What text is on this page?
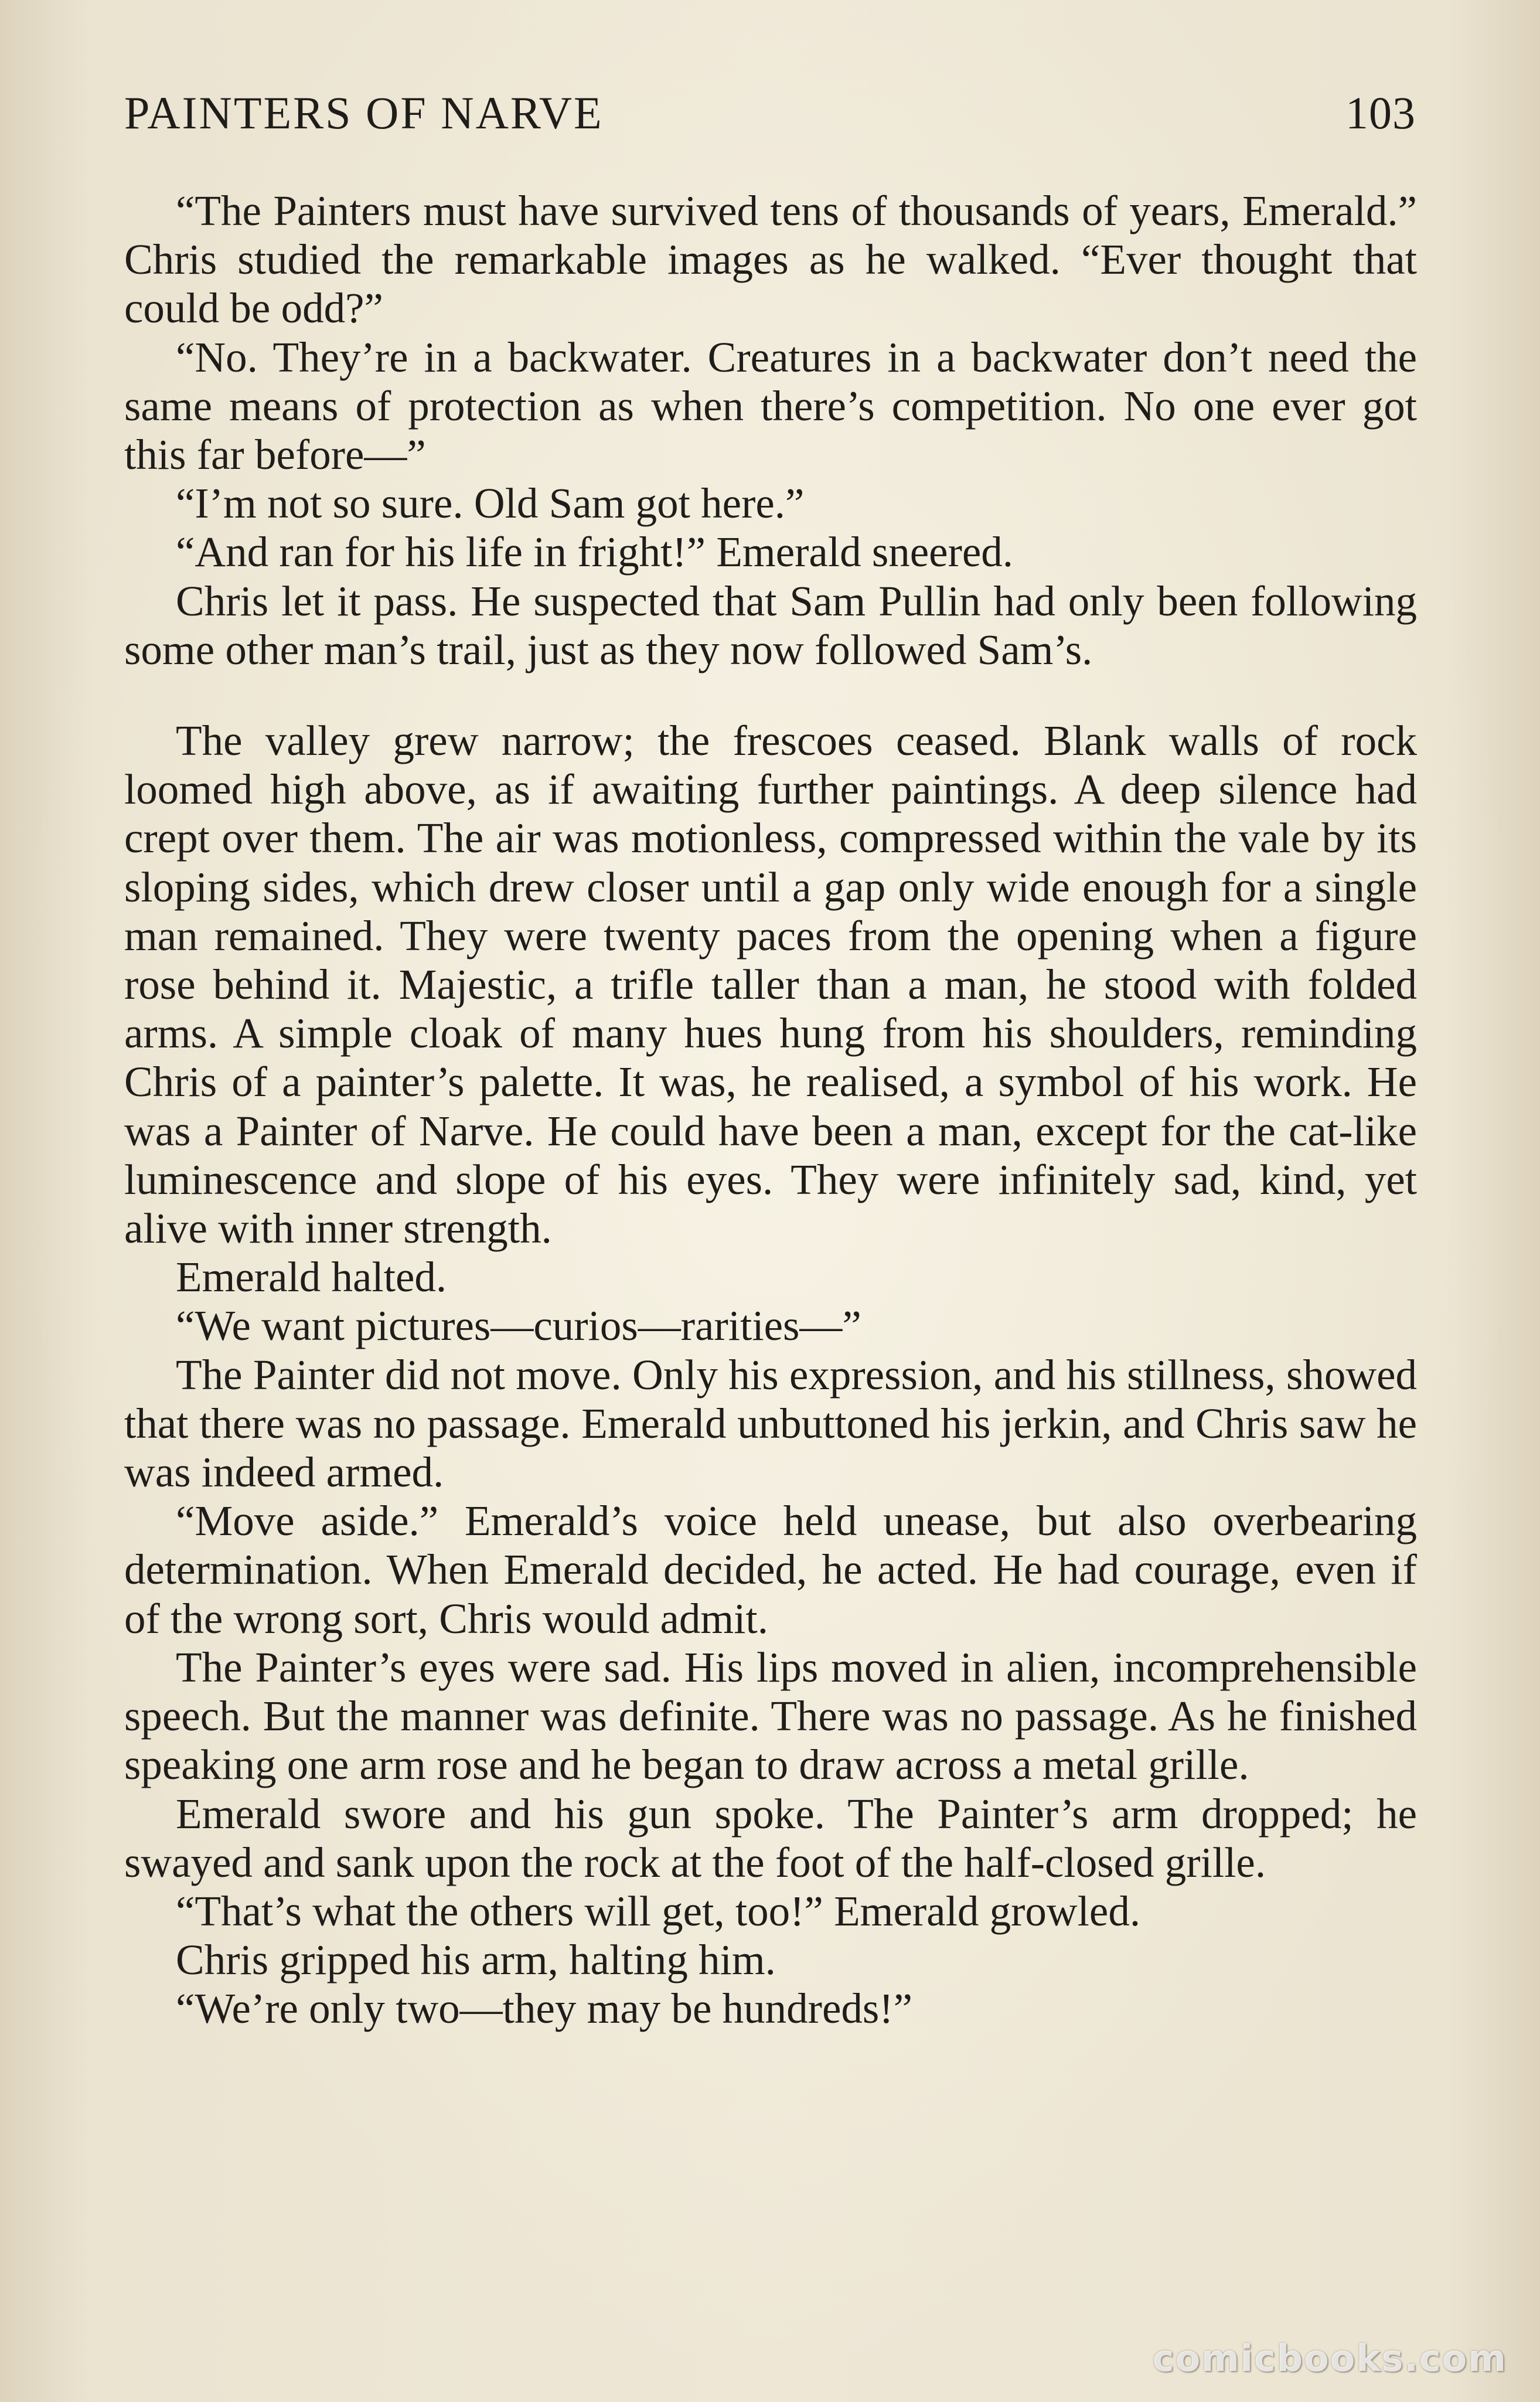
PAINTERS OF NARVE	103

“The Painters must have survived tens of thousands of years, Emerald.” Chris studied the remarkable images as he walked. “Ever thought that could be odd?”

“No. They’re in a backwater. Creatures in a backwater don’t need the same means of protection as when there’s competition. No one ever got this far before—”

“I’m not so sure. Old Sam got here.”

“And ran for his life in fright!” Emerald sneered.

Chris let it pass. He suspected that Sam Pullin had only been following some other man’s trail, just as they now followed Sam’s.

The valley grew narrow; the frescoes ceased. Blank walls of rock loomed high above, as if awaiting further paintings. A deep silence had crept over them. The air was motionless, compressed within the vale by its sloping sides, which drew closer until a gap only wide enough for a single man remained. They were twenty paces from the opening when a figure rose behind it. Majestic, a trifle taller than a man, he stood with folded arms. A simple cloak of many hues hung from his shoulders, reminding Chris of a painter’s palette. It was, he realised, a symbol of his work. He was a Painter of Narve. He could have been a man, except for the cat-like luminescence and slope of his eyes. They were infinitely sad, kind, yet alive with inner strength.

Emerald halted.

“We want pictures—curios—rarities—”

The Painter did not move. Only his expression, and his stillness, showed that there was no passage. Emerald unbuttoned his jerkin, and Chris saw he was indeed armed.

“Move aside.” Emerald’s voice held unease, but also overbearing determination. When Emerald decided, he acted. He had courage, even if of the wrong sort, Chris would admit.

The Painter’s eyes were sad. His lips moved in alien, incomprehensible speech. But the manner was definite. There was no passage. As he finished speaking one arm rose and he began to draw across a metal grille.

Emerald swore and his gun spoke. The Painter’s arm dropped; he swayed and sank upon the rock at the foot of the half-closed grille.

“That’s what the others will get, too!” Emerald growled.

Chris gripped his arm, halting him.

“We’re only two—they may be hundreds!”

comicbooks.com
